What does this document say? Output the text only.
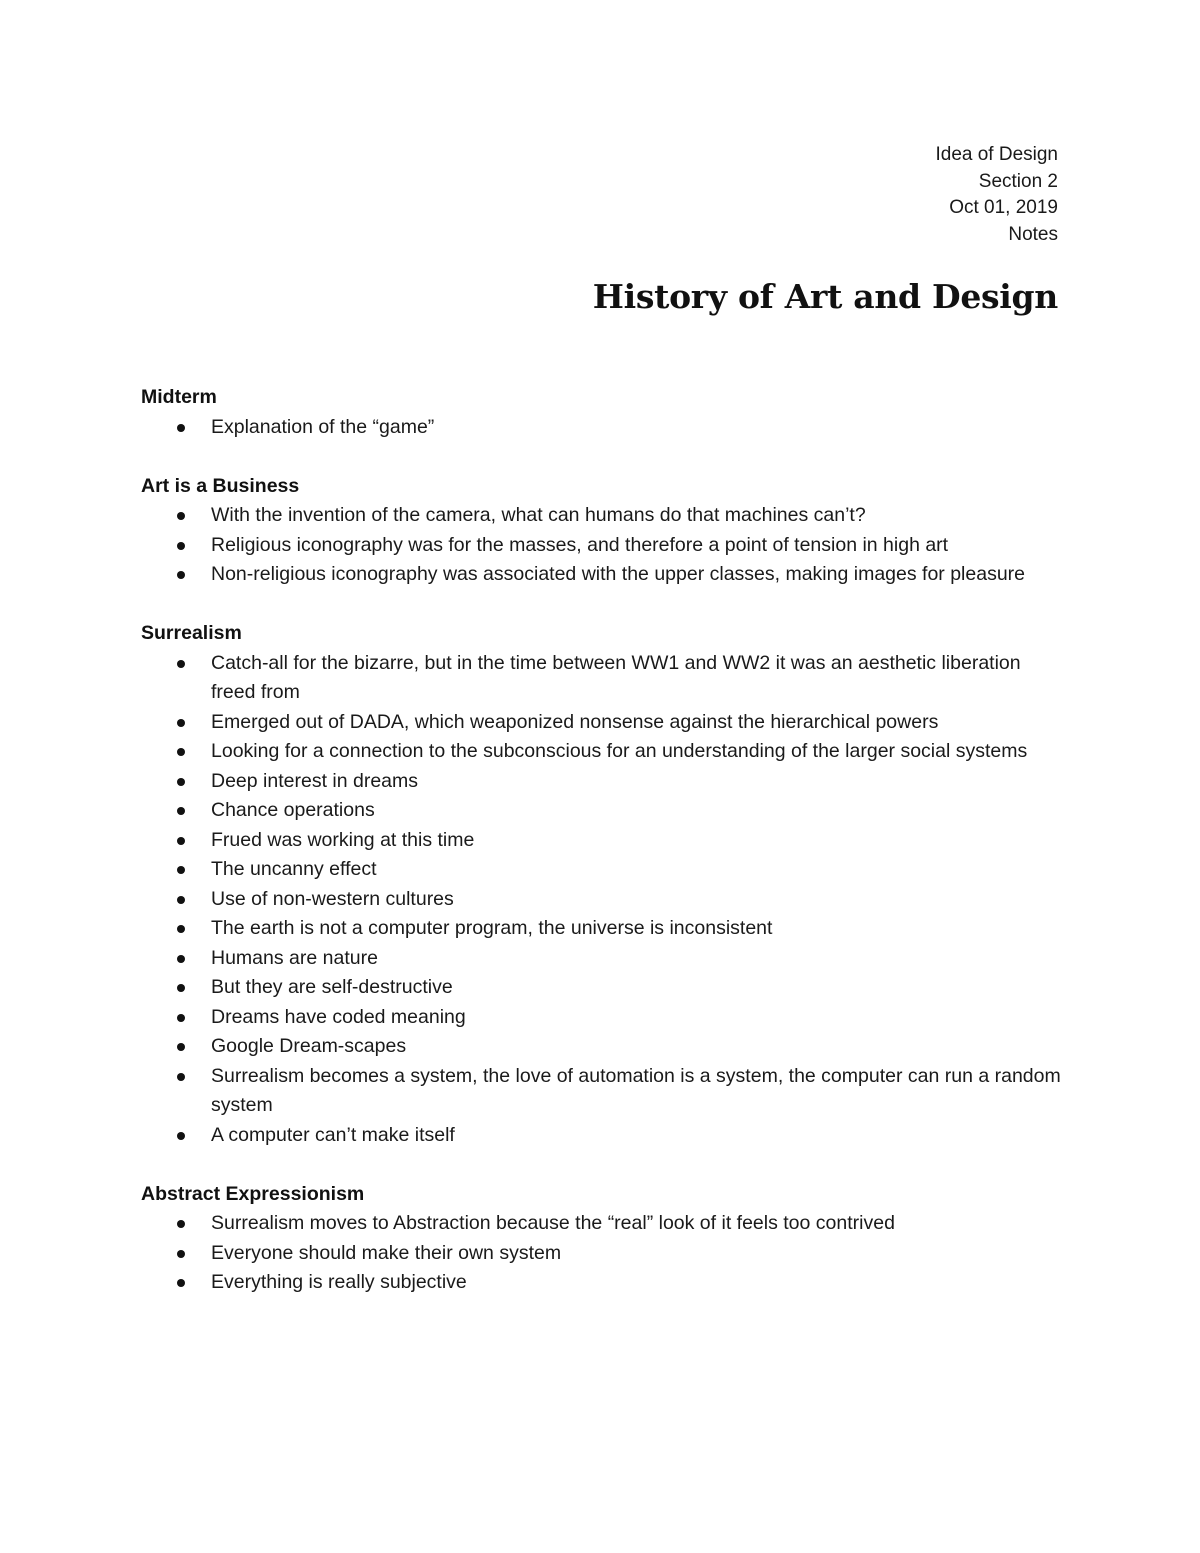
Idea of Design
Section 2
Oct 01, 2019
Notes
History of Art and Design
Midterm
Explanation of the “game”
Art is a Business
With the invention of the camera, what can humans do that machines can’t?
Religious iconography was for the masses, and therefore a point of tension in high art
Non-religious iconography was associated with the upper classes, making images for pleasure
Surrealism
Catch-all for the bizarre, but in the time between WW1 and WW2 it was an aesthetic liberation freed from
Emerged out of DADA, which weaponized nonsense against the hierarchical powers
Looking for a connection to the subconscious for an understanding of the larger social systems
Deep interest in dreams
Chance operations
Frued was working at this time
The uncanny effect
Use of non-western cultures
The earth is not a computer program, the universe is inconsistent
Humans are nature
But they are self-destructive
Dreams have coded meaning
Google Dream-scapes
Surrealism becomes a system, the love of automation is a system, the computer can run a random system
A computer can’t make itself
Abstract Expressionism
Surrealism moves to Abstraction because the “real” look of it feels too contrived
Everyone should make their own system
Everything is really subjective
